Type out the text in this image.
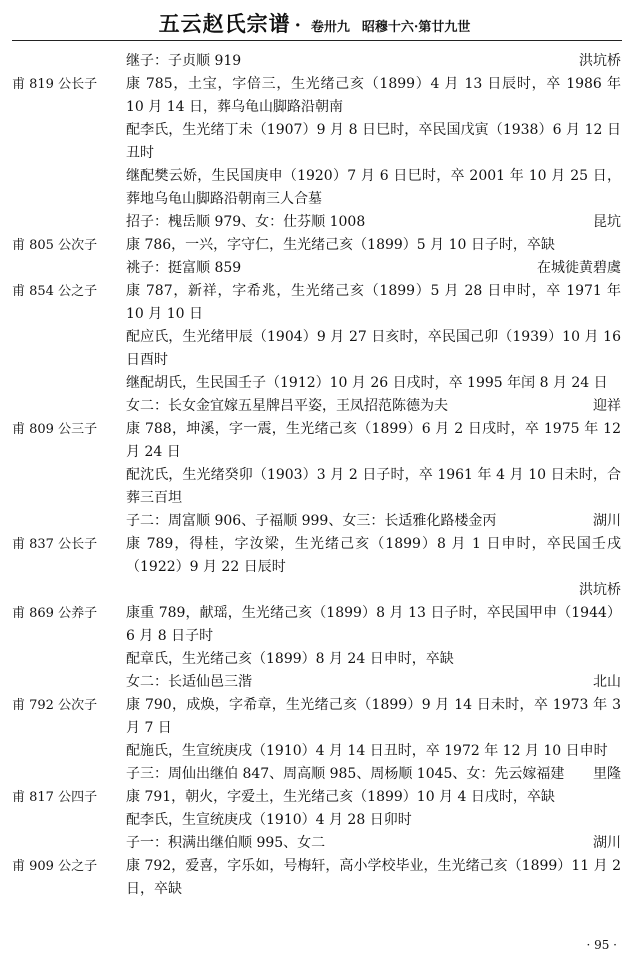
五云赵氏宗谱 · 卷卅九 昭穆十六·第廿九世
继子：子贞顺 919	洪坑桥
甫 819 公长子	康 785，土宝，字倍三，生光绪己亥（1899）4 月 13 日辰时，卒 1986 年 10 月 14 日，葬乌龟山脚路沿朝南
配李氏，生光绪丁未（1907）9 月 8 日巳时，卒民国戊寅（1938）6 月 12 日丑时
继配樊云娇，生民国庚申（1920）7 月 6 日巳时，卒 2001 年 10 月 25 日，葬地乌龟山脚路沿朝南三人合墓
招子：槐岳顺 979、女：仕芬顺 1008	昆坑
甫 805 公次子	康 786，一兴，字守仁，生光绪己亥（1899）5 月 10 日子时，卒缺
祧子：挺富顺 859	在城徙黄碧虞
甫 854 公之子	康 787，新祥，字希兆，生光绪己亥（1899）5 月 28 日申时，卒 1971 年 10 月 10 日
配应氏，生光绪甲辰（1904）9 月 27 日亥时，卒民国己卯（1939）10 月 16 日酉时
继配胡氏，生民国壬子（1912）10 月 26 日戌时，卒 1995 年闰 8 月 24 日
女二：长女金宜嫁五星牌吕平姿，王凤招范陈德为夫	迎祥
甫 809 公三子	康 788，坤溪，字一震，生光绪己亥（1899）6 月 2 日戌时，卒 1975 年 12 月 24 日
配沈氏，生光绪癸卯（1903）3 月 2 日子时，卒 1961 年 4 月 10 日未时，合葬三百坦
子二：周富顺 906、子福顺 999、女三：长适雅化路楼金丙	湖川
甫 837 公长子	康 789，得桂，字汝梁，生光绪己亥（1899）8 月 1 日申时，卒民国壬戌（1922）9 月 22 日辰时
洪坑桥
甫 869 公养子	康重 789，献瑶，生光绪己亥（1899）8 月 13 日子时，卒民国甲申（1944）6 月 8 日子时
配章氏，生光绪己亥（1899）8 月 24 日申时，卒缺
女二：长适仙邑三湝	北山
甫 792 公次子	康 790，成焕，字希章，生光绪己亥（1899）9 月 14 日未时，卒 1973 年 3 月 7 日
配施氏，生宣统庚戌（1910）4 月 14 日丑时，卒 1972 年 12 月 10 日申时
子三：周仙出继伯 847、周高顺 985、周杨顺 1045、女：先云嫁福建	里隆
甫 817 公四子	康 791，朝火，字爱土，生光绪己亥（1899）10 月 4 日戌时，卒缺
配李氏，生宣统庚戌（1910）4 月 28 日卯时
子一：积满出继伯顺 995、女二	湖川
甫 909 公之子	康 792，爱喜，字乐如，号梅轩，高小学校毕业，生光绪己亥（1899）11 月 2 日，卒缺
· 95 ·
